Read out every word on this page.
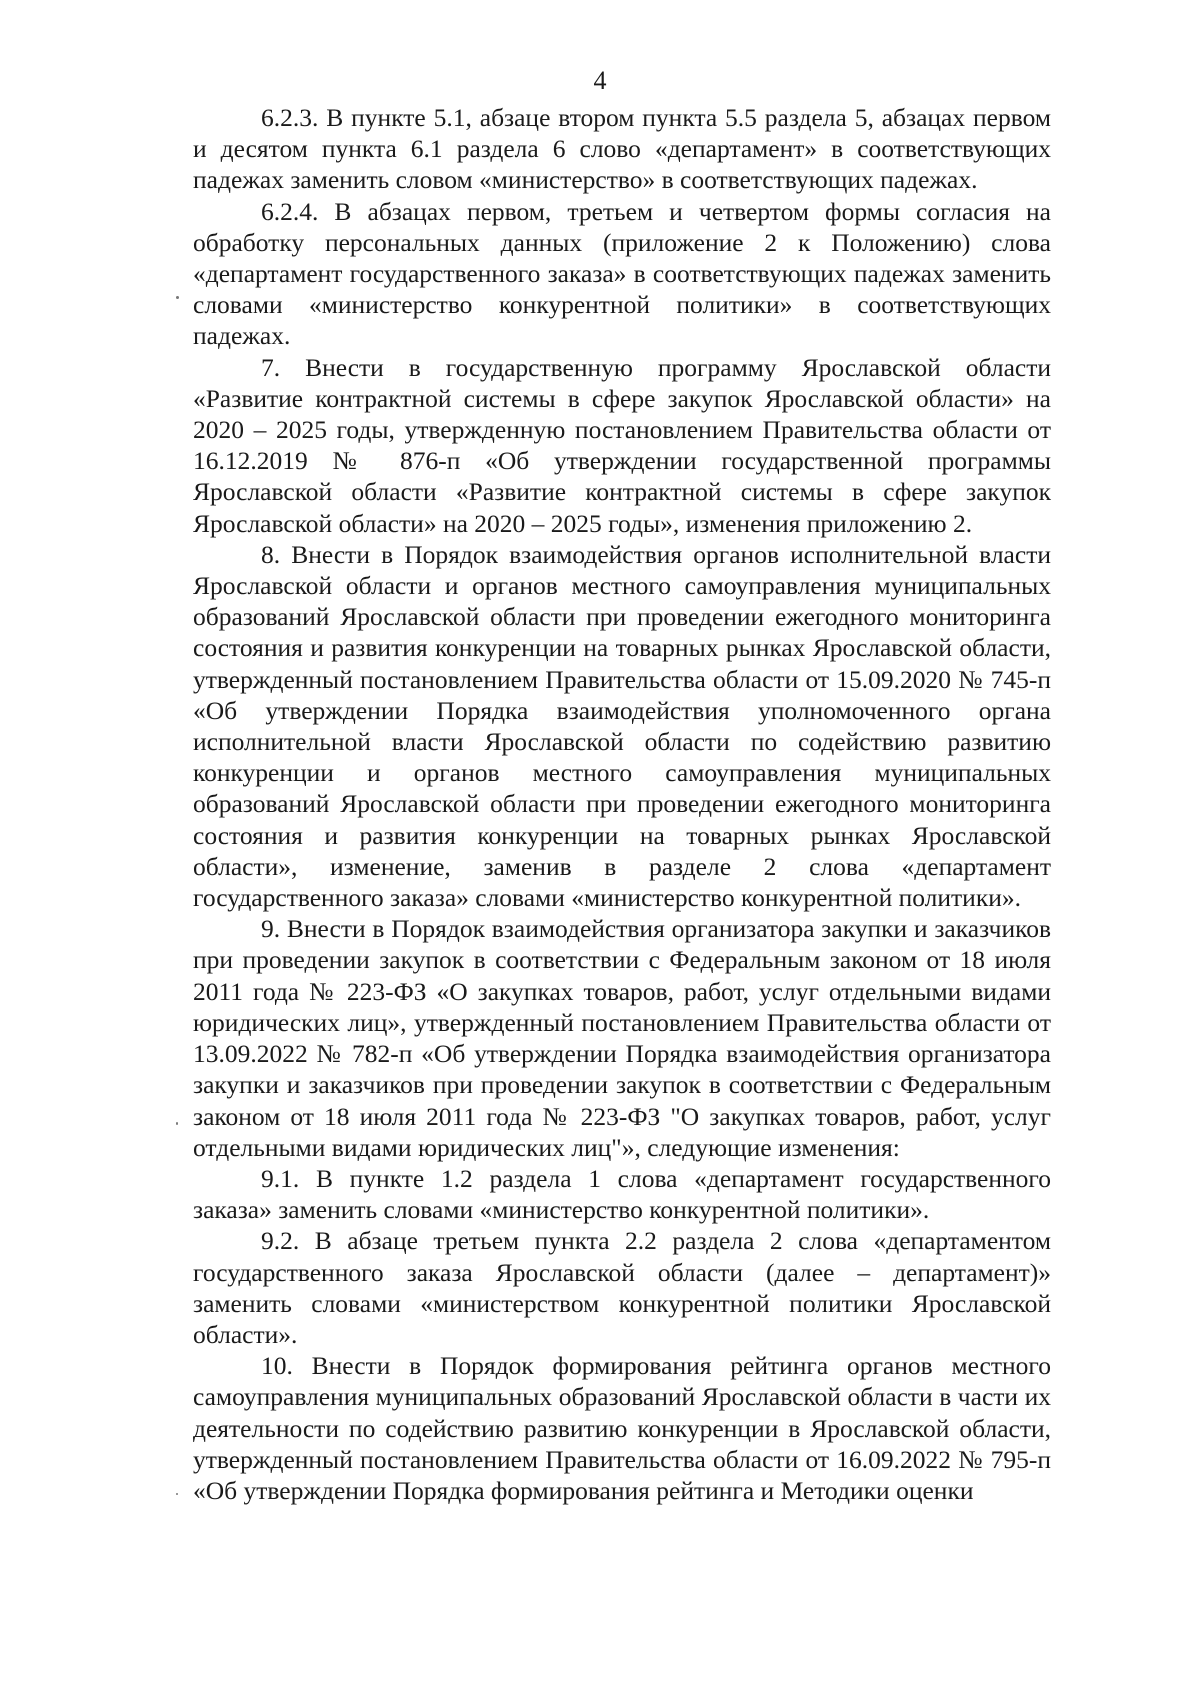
4

6.2.3. В пункте 5.1, абзаце втором пункта 5.5 раздела 5, абзацах первом и десятом пункта 6.1 раздела 6 слово «департамент» в соответствующих падежах заменить словом «министерство» в соответствующих падежах.

6.2.4. В абзацах первом, третьем и четвертом формы согласия на обработку персональных данных (приложение 2 к Положению) слова «департамент государственного заказа» в соответствующих падежах заменить словами «министерство конкурентной политики» в соответствующих падежах.

7. Внести в государственную программу Ярославской области «Развитие контрактной системы в сфере закупок Ярославской области» на 2020 – 2025 годы, утвержденную постановлением Правительства области от 16.12.2019 № 876-п «Об утверждении государственной программы Ярославской области «Развитие контрактной системы в сфере закупок Ярославской области» на 2020 – 2025 годы», изменения приложению 2.

8. Внести в Порядок взаимодействия органов исполнительной власти Ярославской области и органов местного самоуправления муниципальных образований Ярославской области при проведении ежегодного мониторинга состояния и развития конкуренции на товарных рынках Ярославской области, утвержденный постановлением Правительства области от 15.09.2020 № 745-п «Об утверждении Порядка взаимодействия уполномоченного органа исполнительной власти Ярославской области по содействию развитию конкуренции и органов местного самоуправления муниципальных образований Ярославской области при проведении ежегодного мониторинга состояния и развития конкуренции на товарных рынках Ярославской области», изменение, заменив в разделе 2 слова «департамент государственного заказа» словами «министерство конкурентной политики».

9. Внести в Порядок взаимодействия организатора закупки и заказчиков при проведении закупок в соответствии с Федеральным законом от 18 июля 2011 года № 223-ФЗ «О закупках товаров, работ, услуг отдельными видами юридических лиц», утвержденный постановлением Правительства области от 13.09.2022 № 782-п «Об утверждении Порядка взаимодействия организатора закупки и заказчиков при проведении закупок в соответствии с Федеральным законом от 18 июля 2011 года № 223-ФЗ "О закупках товаров, работ, услуг отдельными видами юридических лиц"», следующие изменения:

9.1. В пункте 1.2 раздела 1 слова «департамент государственного заказа» заменить словами «министерство конкурентной политики».

9.2. В абзаце третьем пункта 2.2 раздела 2 слова «департаментом государственного заказа Ярославской области (далее – департамент)» заменить словами «министерством конкурентной политики Ярославской области».

10. Внести в Порядок формирования рейтинга органов местного самоуправления муниципальных образований Ярославской области в части их деятельности по содействию развитию конкуренции в Ярославской области, утвержденный постановлением Правительства области от 16.09.2022 № 795-п «Об утверждении Порядка формирования рейтинга и Методики оценки
